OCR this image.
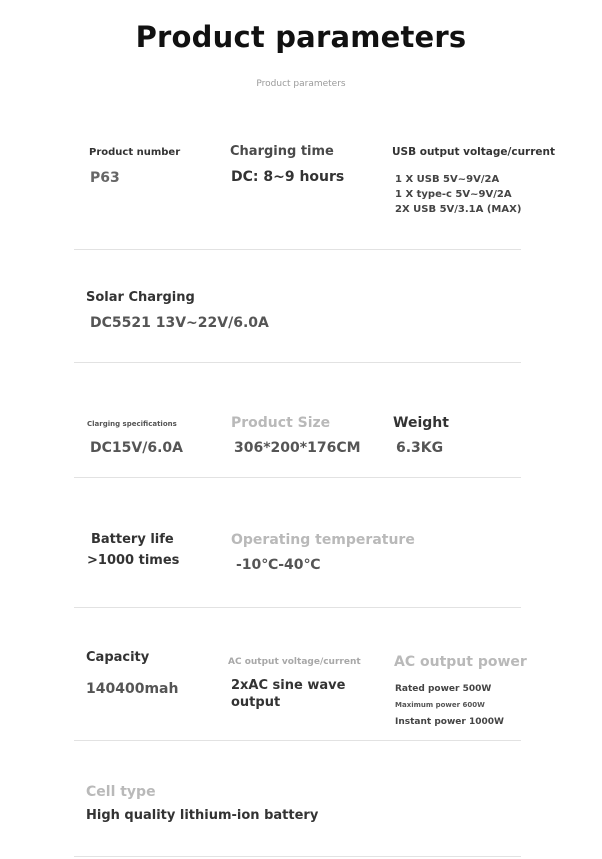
Product parameters
Product parameters
Product number
P63
Charging time
DC: 8~9 hours
USB output voltage/current
1 X USB 5V~9V/2A
1 X type-c 5V~9V/2A
2X USB 5V/3.1A (MAX)
Solar Charging
DC5521 13V~22V/6.0A
Clarging specifications
DC15V/6.0A
Product Size
306*200*176CM
Weight
6.3KG
Battery life
>1000 times
Operating temperature
-10℃-40℃
Capacity
140400mah
AC output voltage/current
2xAC sine wave output
AC output power
Rated power 500W
Maximum power 600W
Instant power 1000W
Cell type
High quality lithium-ion battery
